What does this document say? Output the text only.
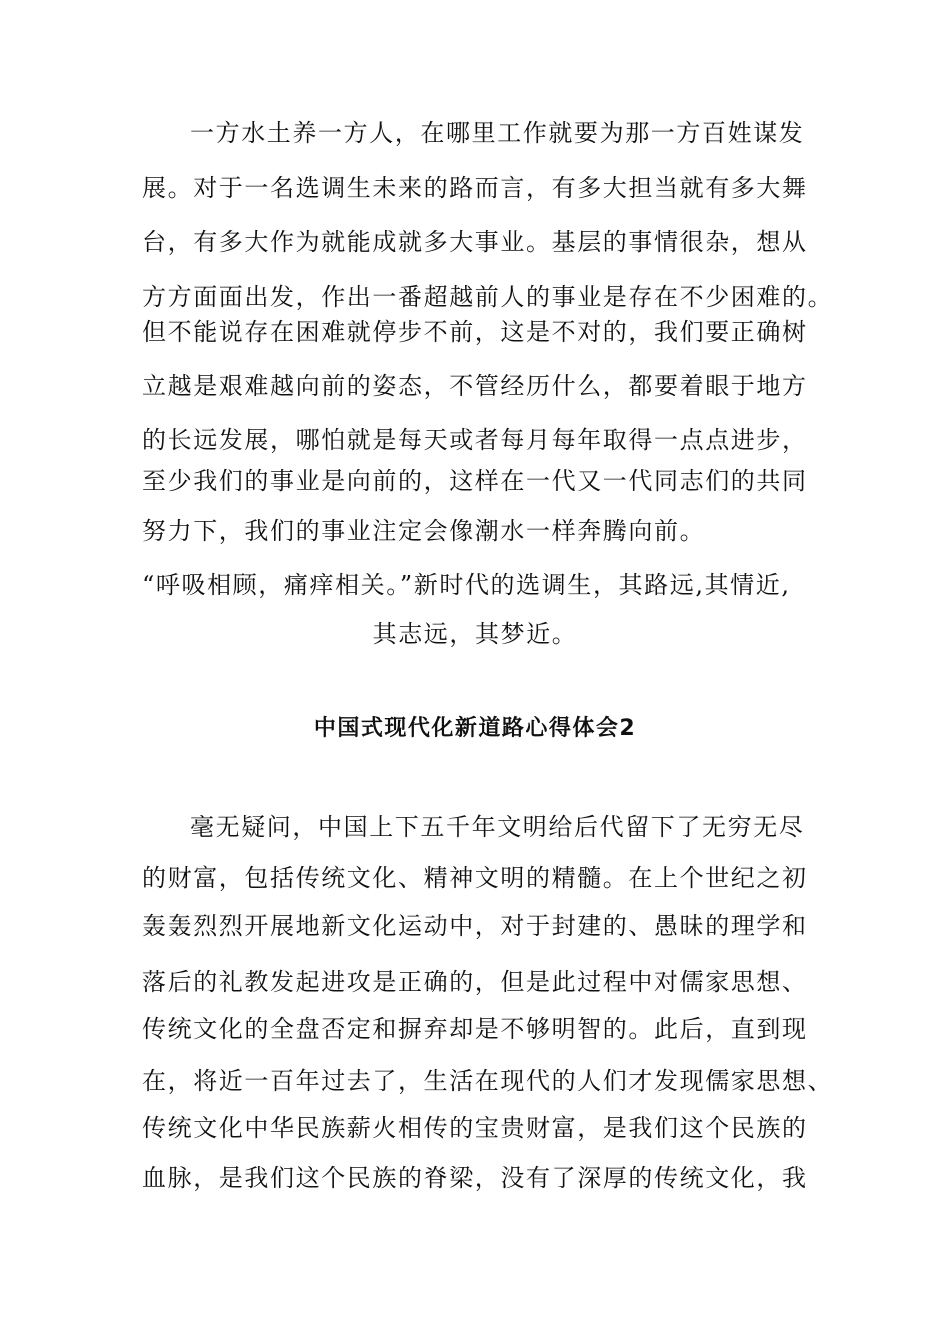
一方水土养一方人，在哪里工作就要为那一方百姓谋发
展。对于一名选调生未来的路而言，有多大担当就有多大舞
台，有多大作为就能成就多大事业。基层的事情很杂，想从
方方面面出发，作出一番超越前人的事业是存在不少困难的。
但不能说存在困难就停步不前，这是不对的，我们要正确树
立越是艰难越向前的姿态，不管经历什么，都要着眼于地方
的长远发展，哪怕就是每天或者每月每年取得一点点进步，
至少我们的事业是向前的，这样在一代又一代同志们的共同
努力下，我们的事业注定会像潮水一样奔腾向前。
“呼吸相顾，痛痒相关。”新时代的选调生，其路远,其情近,
其志远，其梦近。
中国式现代化新道路心得体会2
毫无疑问，中国上下五千年文明给后代留下了无穷无尽
的财富，包括传统文化、精神文明的精髓。在上个世纪之初
轰轰烈烈开展地新文化运动中，对于封建的、愚昧的理学和
落后的礼教发起进攻是正确的，但是此过程中对儒家思想、
传统文化的全盘否定和摒弃却是不够明智的。此后，直到现
在，将近一百年过去了，生活在现代的人们才发现儒家思想、
传统文化中华民族薪火相传的宝贵财富，是我们这个民族的
血脉，是我们这个民族的脊梁，没有了深厚的传统文化，我
